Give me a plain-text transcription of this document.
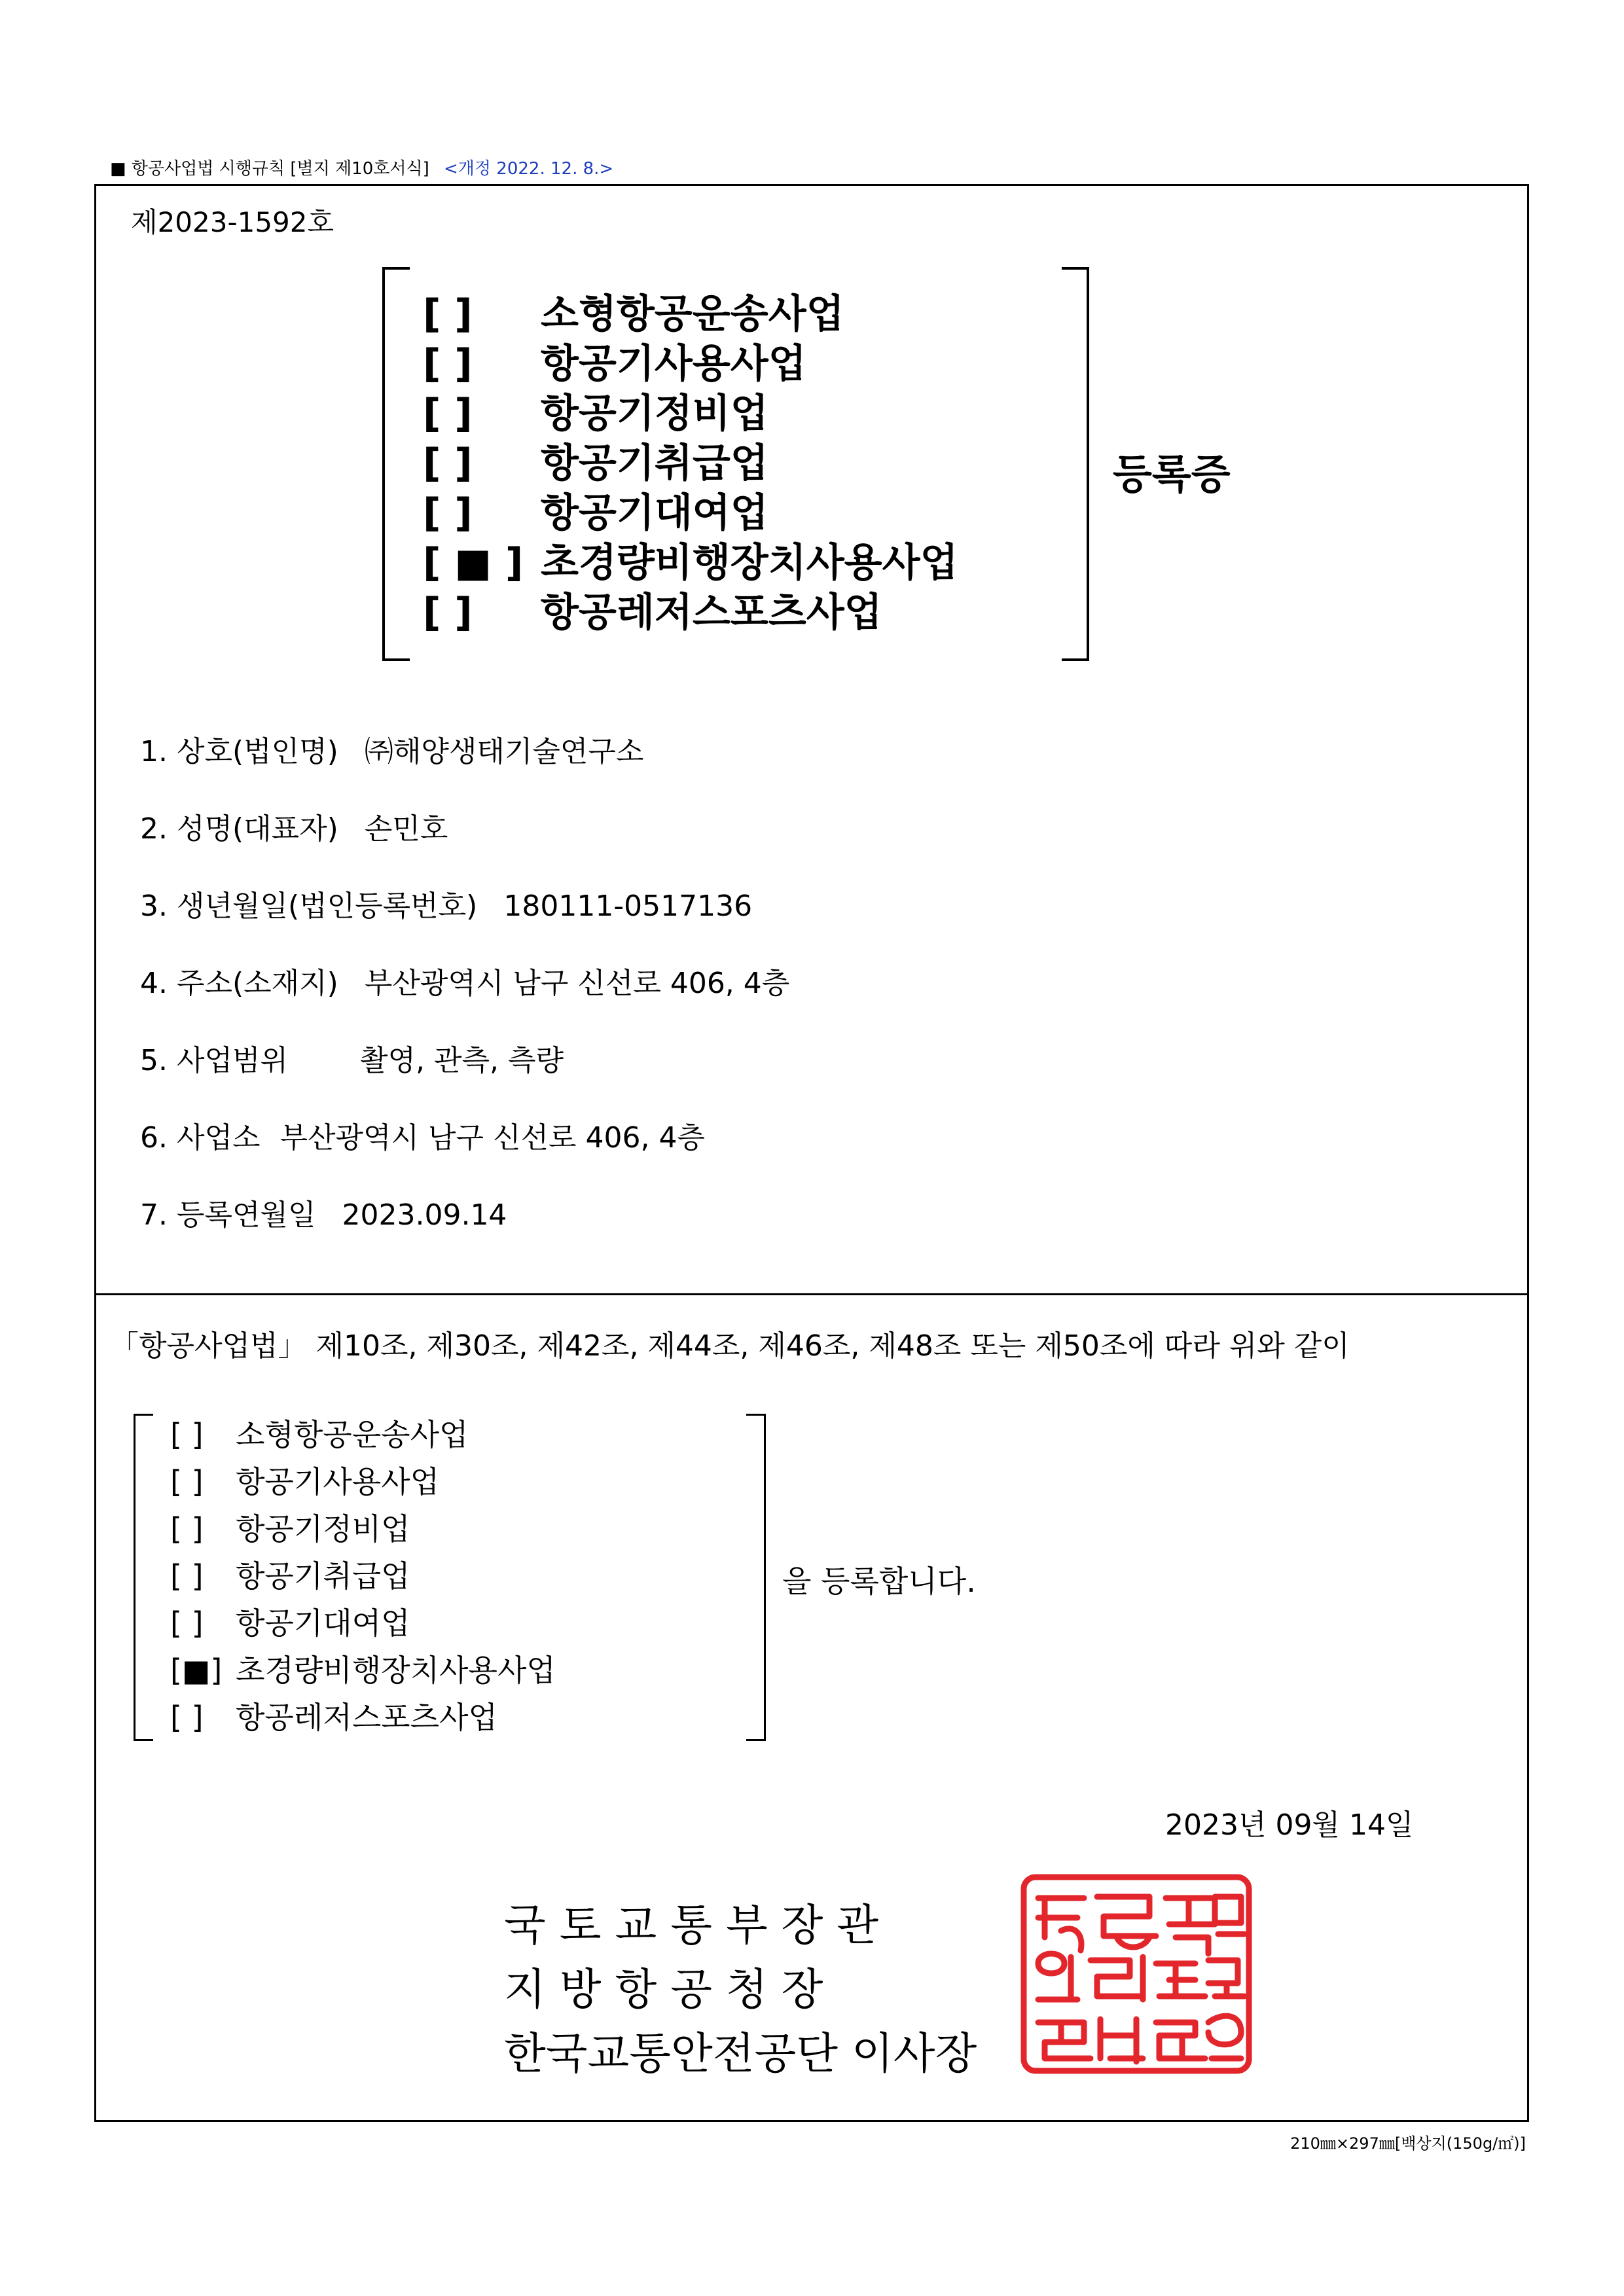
■ 항공사업법 시행규칙 [별지 제10호서식] <개정 2022. 12. 8.>
제2023-1592호
[ ] 소형항공운송사업
[ ] 항공기사용사업
[ ] 항공기정비업
[ ] 항공기취급업
[ ] 항공기대여업
[ ■ ] 초경량비행장치사용사업
[ ] 항공레저스포츠사업
등록증
1. 상호(법인명) ㈜해양생태기술연구소
2. 성명(대표자) 손민호
3. 생년월일(법인등록번호) 180111-0517136
4. 주소(소재지) 부산광역시 남구 신선로 406, 4층
5. 사업범위	촬영, 관측, 측량
6. 사업소 부산광역시 남구 신선로 406, 4층
7. 등록연월일 2023.09.14
「항공사업법」 제10조, 제30조, 제42조, 제44조, 제46조, 제48조 또는 제50조에 따라 위와 같이
[ ] 소형항공운송사업
[ ] 항공기사용사업
[ ] 항공기정비업
[ ] 항공기취급업
[ ] 항공기대여업
[■] 초경량비행장치사용사업
[ ] 항공레저스포츠사업
을 등록합니다.
2023년 09월 14일
국 토 교 통 부 장 관
지 방 항 공 청 장
한국교통안전공단 이사장
210㎜×297㎜[백상지(150g/㎡)]
